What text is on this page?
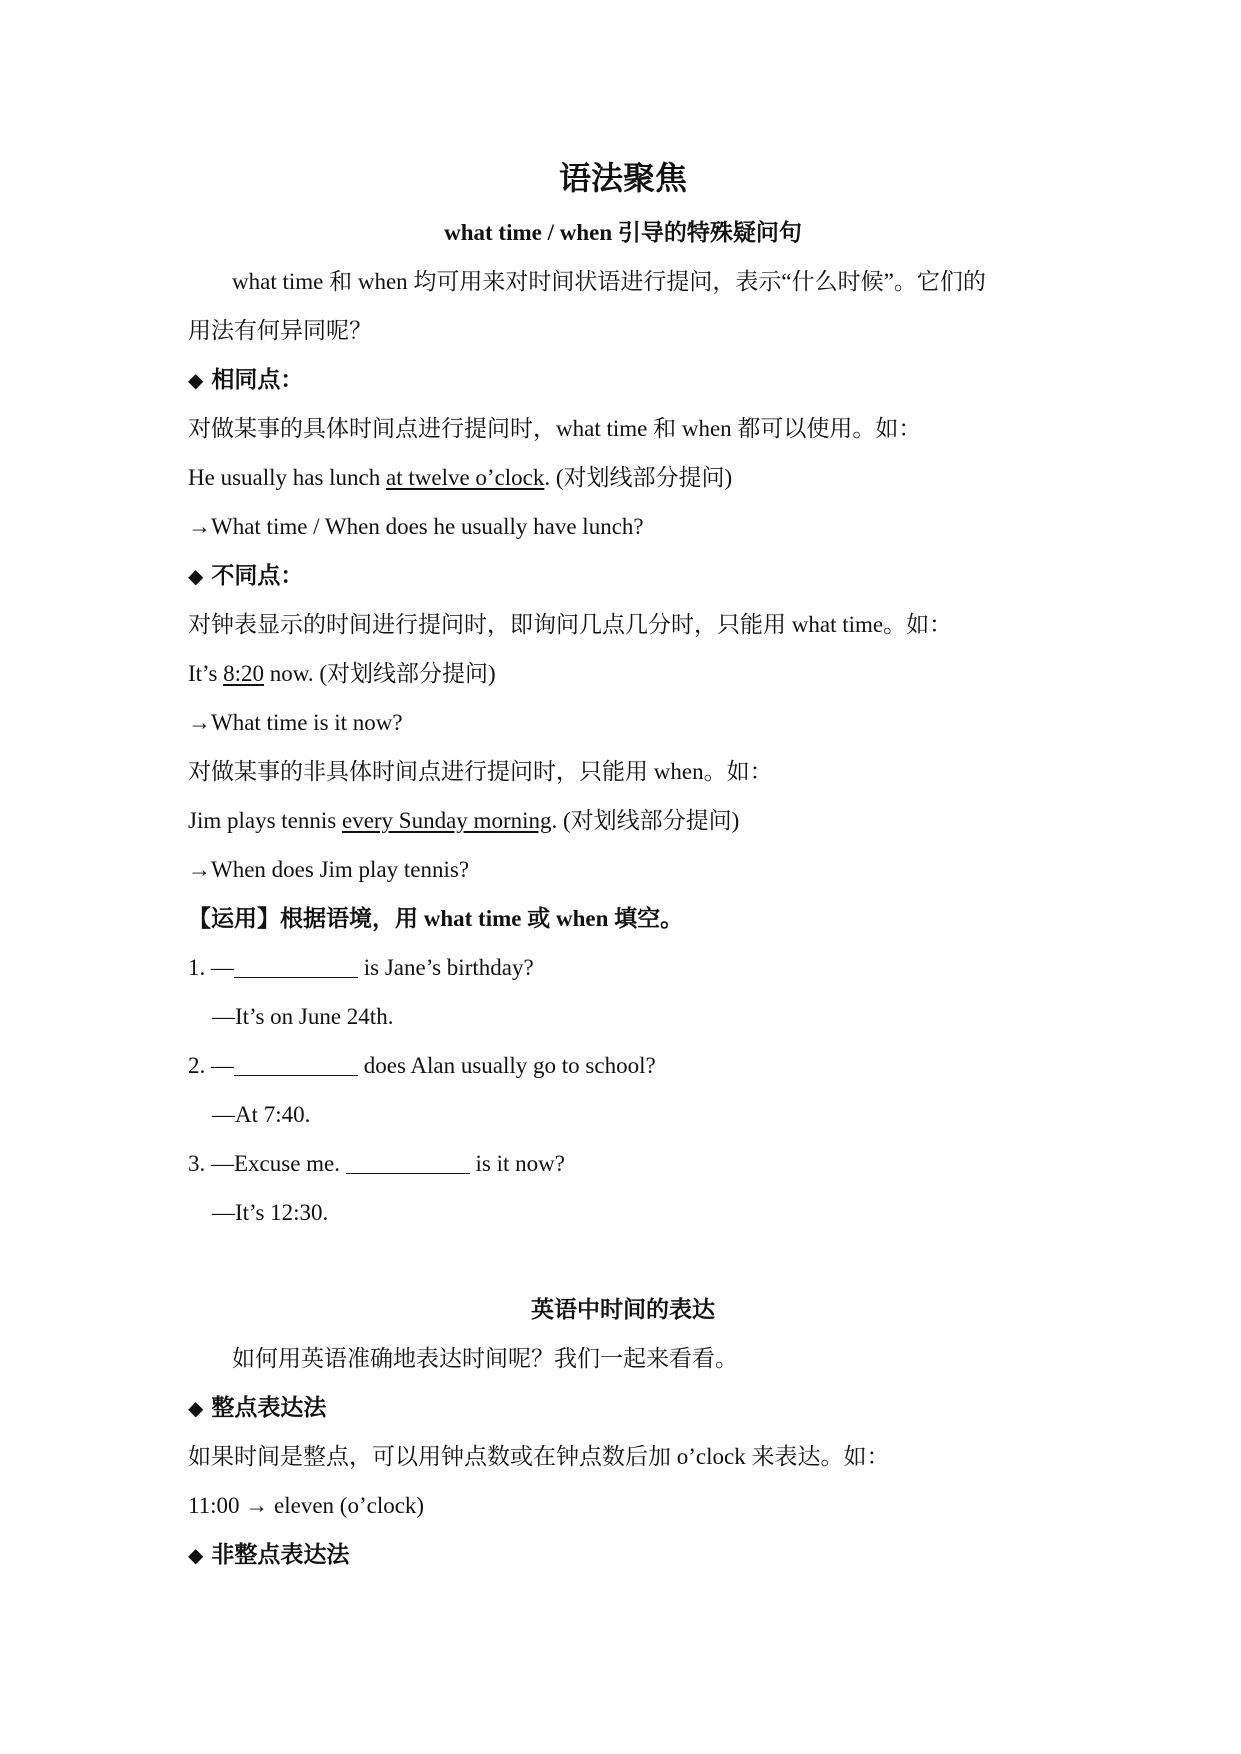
语法聚焦
what time / when 引导的特殊疑问句
what time 和 when 均可用来对时间状语进行提问，表示“什么时候”。它们的
用法有何异同呢？
◆ 相同点：
对做某事的具体时间点进行提问时，what time 和 when 都可以使用。如：
He usually has lunch at twelve o’clock. (对划线部分提问)
→What time / When does he usually have lunch?
◆ 不同点：
对钟表显示的时间进行提问时，即询问几点几分时，只能用 what time。如：
It’s 8:20 now. (对划线部分提问)
→What time is it now?
对做某事的非具体时间点进行提问时，只能用 when。如：
Jim plays tennis every Sunday morning. (对划线部分提问)
→When does Jim play tennis?
【运用】根据语境，用 what time 或 when 填空。
1. —	is Jane’s birthday?
—It’s on June 24th.
2. —	does Alan usually go to school?
—At 7:40.
3. —Excuse me.	is it now?
—It’s 12:30.
英语中时间的表达
如何用英语准确地表达时间呢？我们一起来看看。
◆ 整点表达法
如果时间是整点，可以用钟点数或在钟点数后加 o’clock 来表达。如：
11:00 → eleven (o’clock)
◆ 非整点表达法
